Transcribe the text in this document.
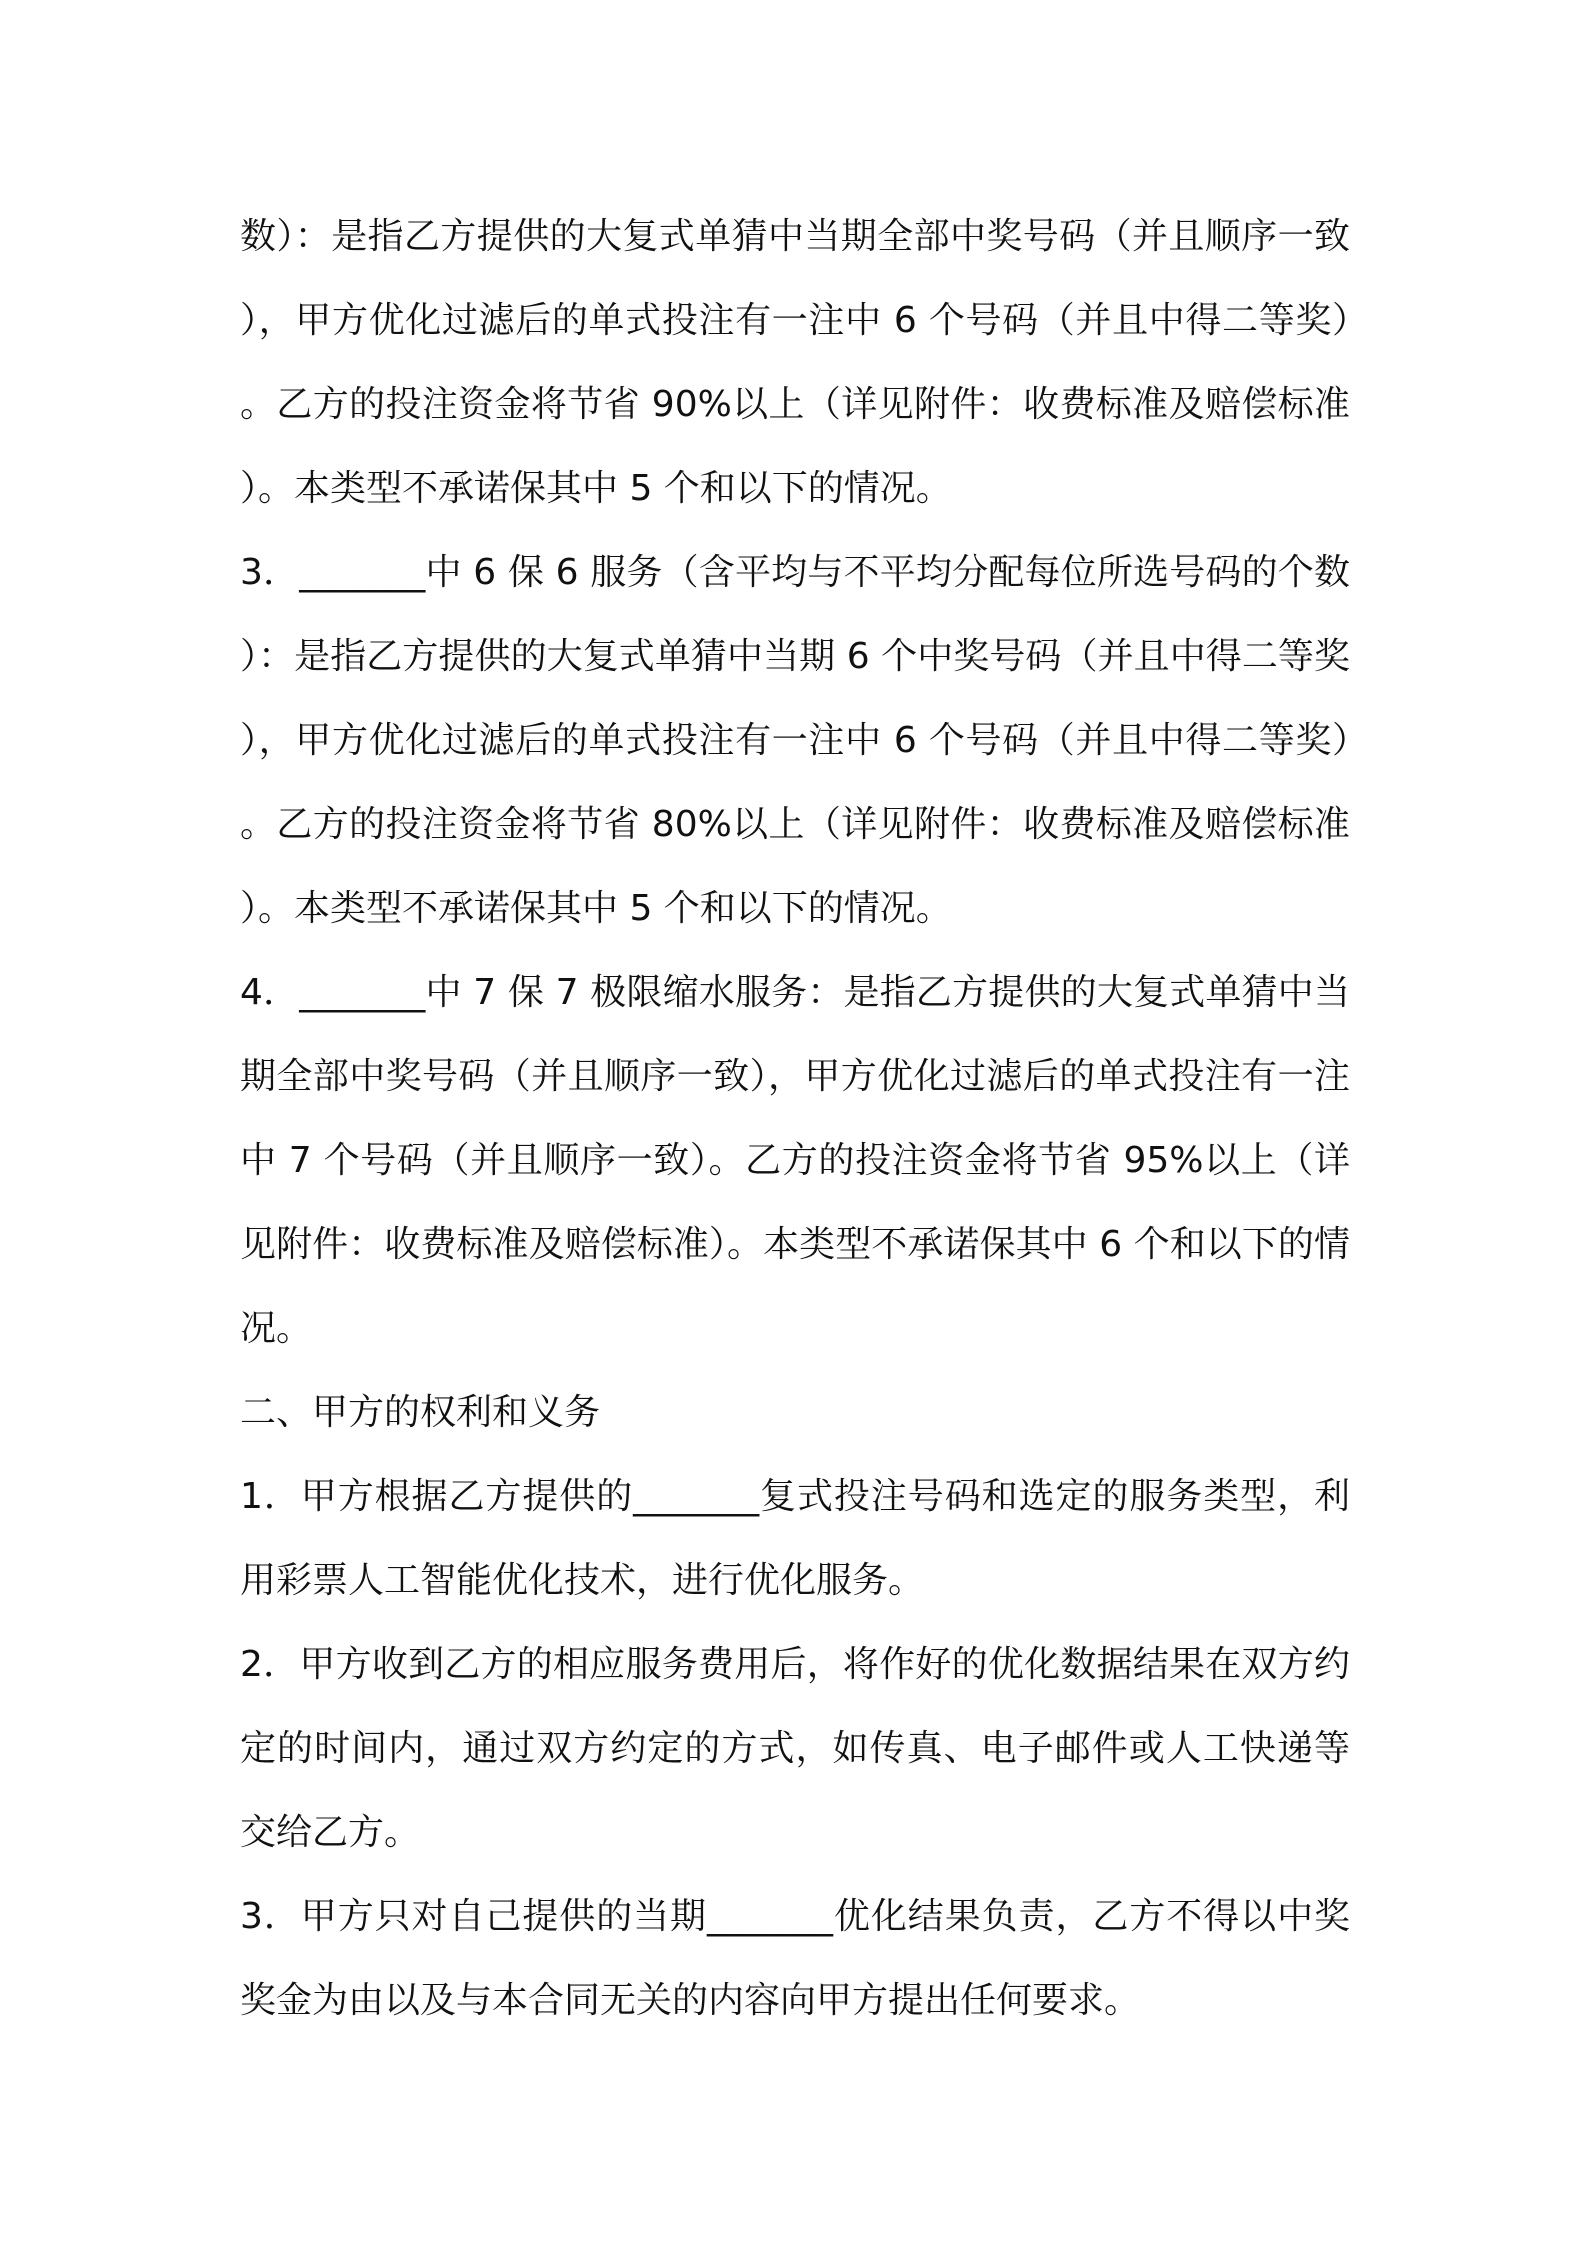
数）：是指乙方提供的大复式单猜中当期全部中奖号码（并且顺序一致），甲方优化过滤后的单式投注有一注中 6 个号码（并且中得二等奖）。乙方的投注资金将节省 90%以上（详见附件：收费标准及赔偿标准）。本类型不承诺保其中 5 个和以下的情况。

3．_______中 6 保 6 服务（含平均与不平均分配每位所选号码的个数）：是指乙方提供的大复式单猜中当期 6 个中奖号码（并且中得二等奖），甲方优化过滤后的单式投注有一注中 6 个号码（并且中得二等奖）。乙方的投注资金将节省 80%以上（详见附件：收费标准及赔偿标准）。本类型不承诺保其中 5 个和以下的情况。

4．_______中 7 保 7 极限缩水服务：是指乙方提供的大复式单猜中当期全部中奖号码（并且顺序一致），甲方优化过滤后的单式投注有一注中 7 个号码（并且顺序一致）。乙方的投注资金将节省 95%以上（详见附件：收费标准及赔偿标准）。本类型不承诺保其中 6 个和以下的情况。

二、甲方的权利和义务

1．甲方根据乙方提供的_______复式投注号码和选定的服务类型，利用彩票人工智能优化技术，进行优化服务。

2．甲方收到乙方的相应服务费用后，将作好的优化数据结果在双方约定的时间内，通过双方约定的方式，如传真、电子邮件或人工快递等交给乙方。

3．甲方只对自己提供的当期_______优化结果负责，乙方不得以中奖奖金为由以及与本合同无关的内容向甲方提出任何要求。
